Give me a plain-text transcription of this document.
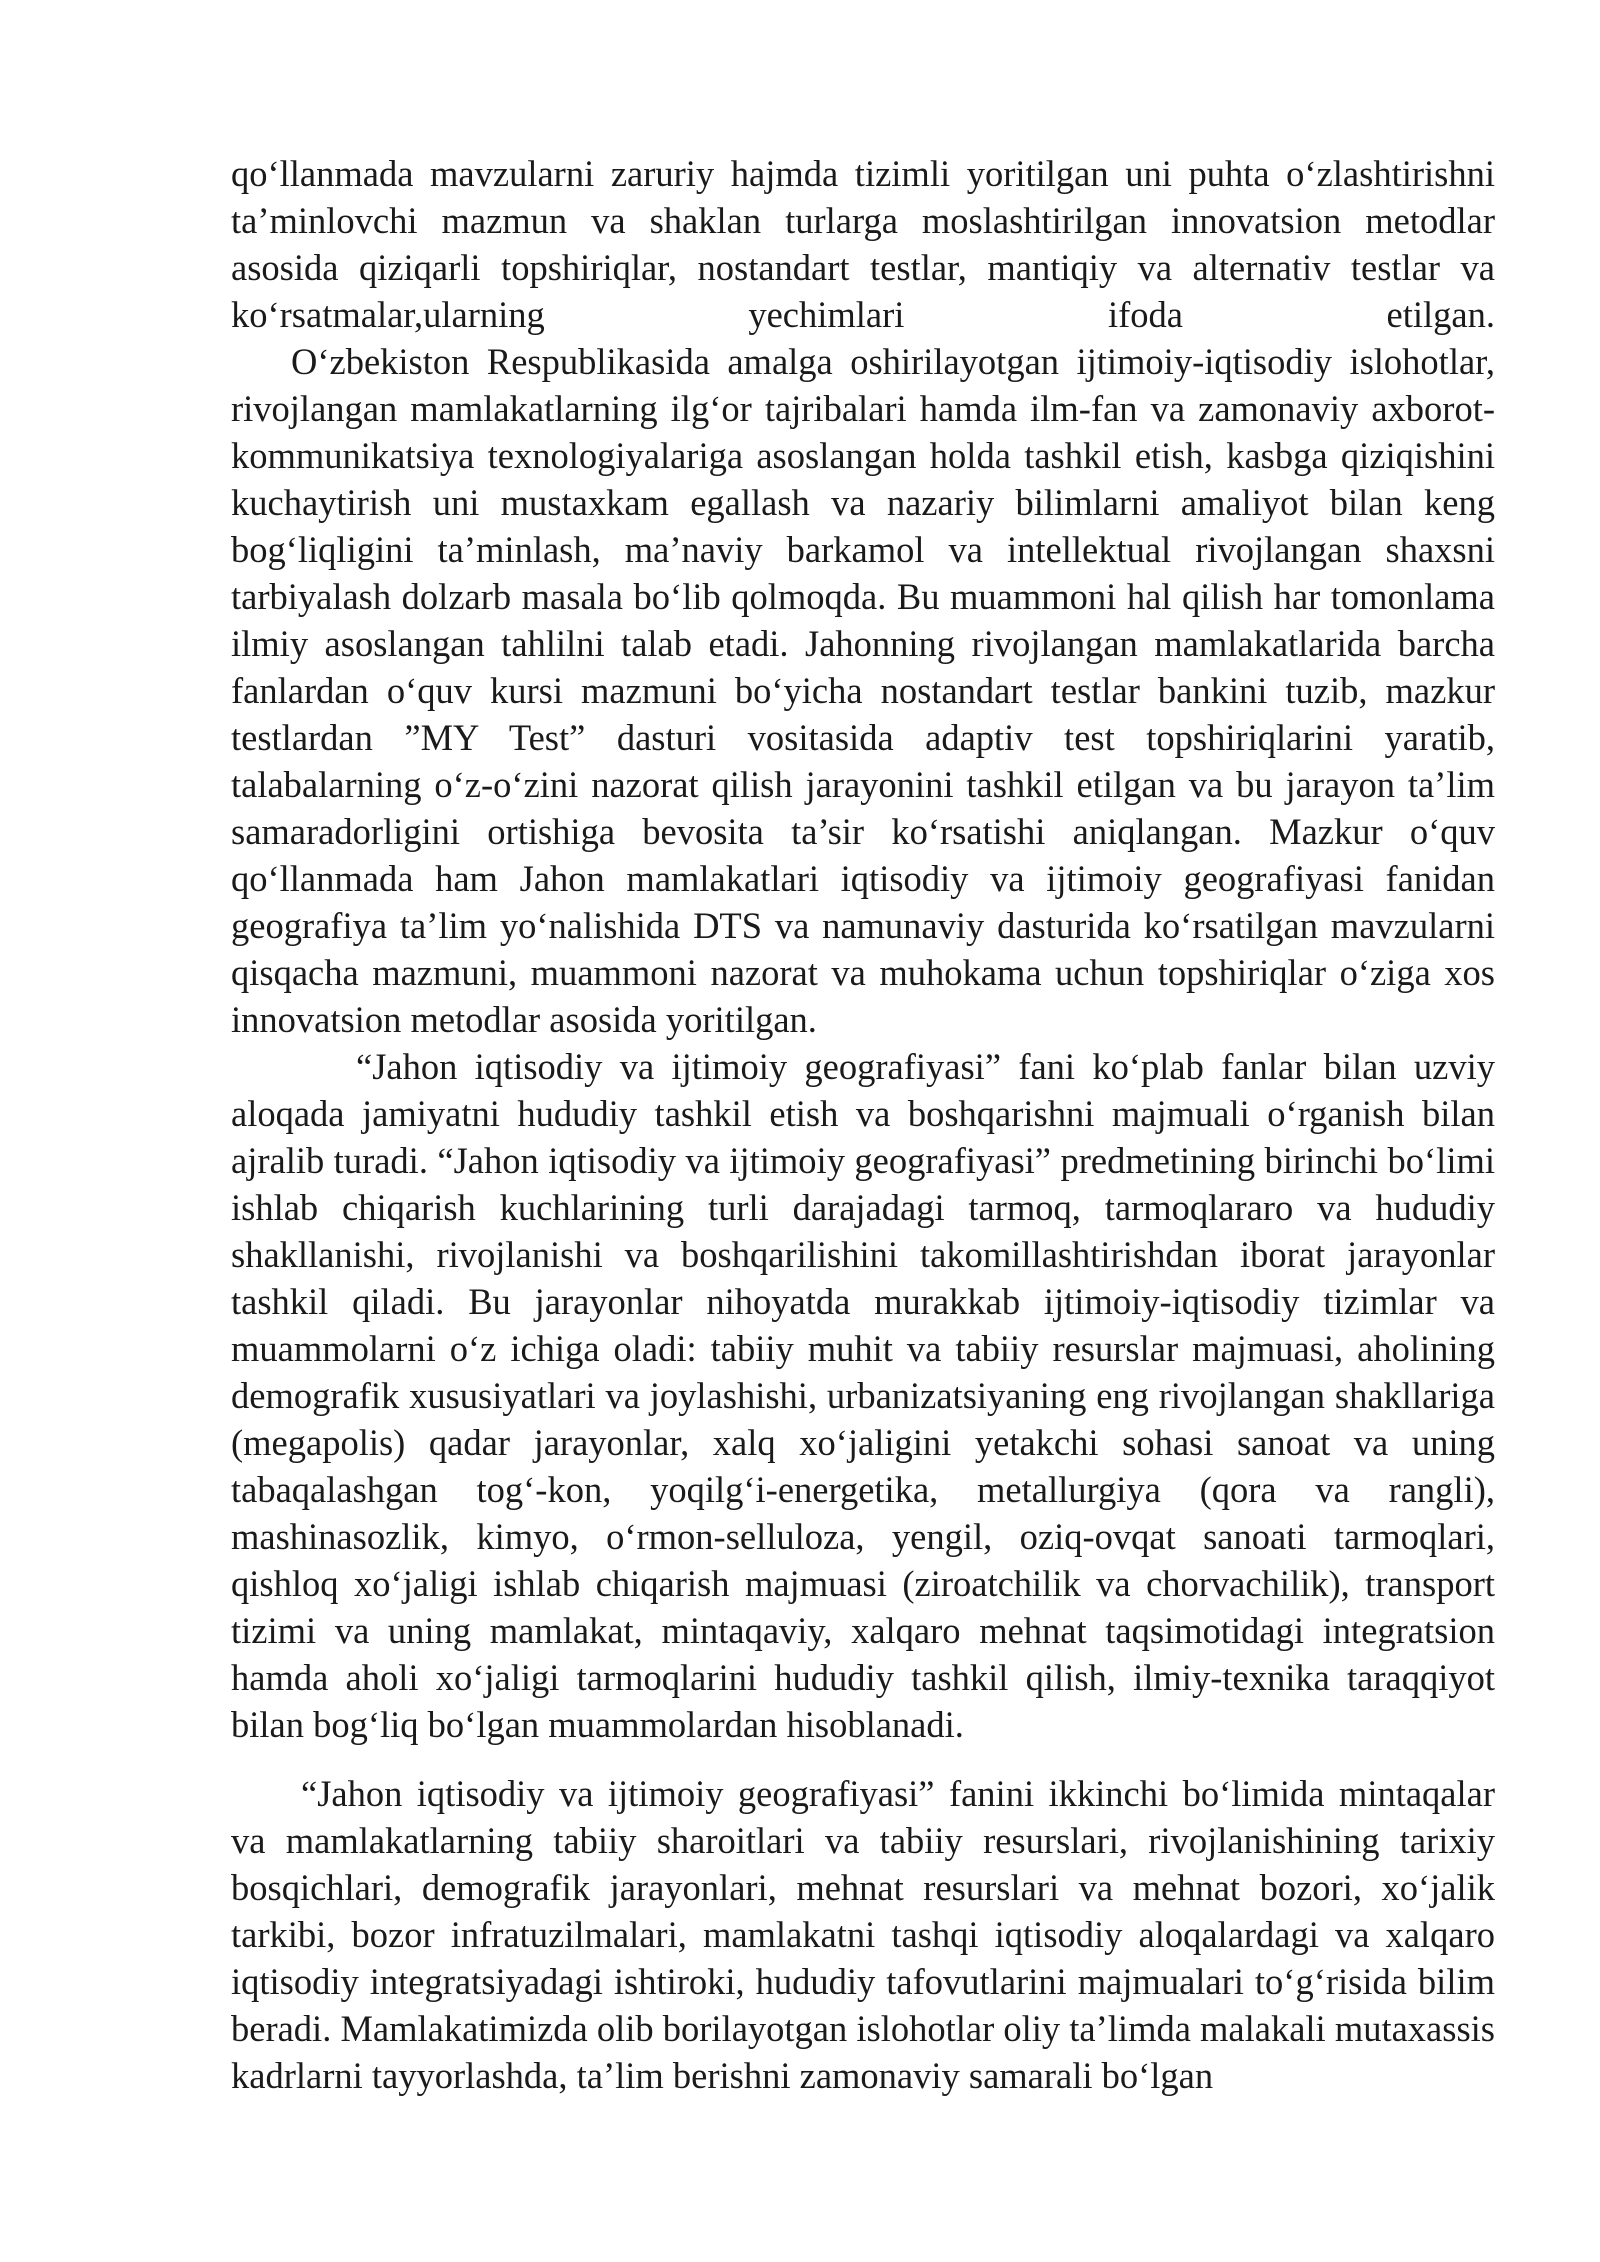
qo‘llanmada mavzularni zaruriy hajmda tizimli yoritilgan uni puhta o‘zlashtirishni ta’minlovchi mazmun va shaklan turlarga moslashtirilgan innovatsion metodlar asosida qiziqarli topshiriqlar, nostandart testlar, mantiqiy va alternativ testlar va ko‘rsatmalar,ularning yechimlari ifoda etilgan.

O‘zbekiston Respublikasida amalga oshirilayotgan ijtimoiy-iqtisodiy islohotlar, rivojlangan mamlakatlarning ilg‘or tajribalari hamda ilm-fan va zamonaviy axborot-kommunikatsiya texnologiyalariga asoslangan holda tashkil etish, kasbga qiziqishini kuchaytirish uni mustaxkam egallash va nazariy bilimlarni amaliyot bilan keng bog‘liqligini ta’minlash, ma’naviy barkamol va intellektual rivojlangan shaxsni tarbiyalash dolzarb masala bo‘lib qolmoqda. Bu muammoni hal qilish har tomonlama ilmiy asoslangan tahlilni talab etadi. Jahonning rivojlangan mamlakatlarida barcha fanlardan o‘quv kursi mazmuni bo‘yicha nostandart testlar bankini tuzib, mazkur testlardan ”MY Test” dasturi vositasida adaptiv test topshiriqlarini yaratib, talabalarning o‘z-o‘zini nazorat qilish jarayonini tashkil etilgan va bu jarayon ta’lim samaradorligini ortishiga bevosita ta’sir ko‘rsatishi aniqlangan. Mazkur o‘quv qo‘llanmada ham Jahon mamlakatlari iqtisodiy va ijtimoiy geografiyasi fanidan geografiya ta’lim yo‘nalishida DTS va namunaviy dasturida ko‘rsatilgan mavzularni qisqacha mazmuni, muammoni nazorat va muhokama uchun topshiriqlar o‘ziga xos innovatsion metodlar asosida yoritilgan.

“Jahon iqtisodiy va ijtimoiy geografiyasi” fani ko‘plab fanlar bilan uzviy aloqada jamiyatni hududiy tashkil etish va boshqarishni majmuali o‘rganish bilan ajralib turadi. “Jahon iqtisodiy va ijtimoiy geografiyasi” predmetining birinchi bo‘limi ishlab chiqarish kuchlarining turli darajadagi tarmoq, tarmoqlararo va hududiy shakllanishi, rivojlanishi va boshqarilishini takomillashtirishdan iborat jarayonlar tashkil qiladi. Bu jarayonlar nihoyatda murakkab ijtimoiy-iqtisodiy tizimlar va muammolarni o‘z ichiga oladi: tabiiy muhit va tabiiy resurslar majmuasi, aholining demografik xususiyatlari va joylashishi, urbanizatsiyaning eng rivojlangan shakllariga (megapolis) qadar jarayonlar, xalq xo‘jaligini yetakchi sohasi sanoat va uning tabaqalashgan tog‘-kon, yoqilg‘i-energetika, metallurgiya (qora va rangli), mashinasozlik, kimyo, o‘rmon-selluloza, yengil, oziq-ovqat sanoati tarmoqlari, qishloq xo‘jaligi ishlab chiqarish majmuasi (ziroatchilik va chorvachilik), transport tizimi va uning mamlakat, mintaqaviy, xalqaro mehnat taqsimotidagi integratsion hamda aholi xo‘jaligi tarmoqlarini hududiy tashkil qilish, ilmiy-texnika taraqqiyot bilan bog‘liq bo‘lgan muammolardan hisoblanadi.

“Jahon iqtisodiy va ijtimoiy geografiyasi” fanini ikkinchi bo‘limida mintaqalar va mamlakatlarning tabiiy sharoitlari va tabiiy resurslari, rivojlanishining tarixiy bosqichlari, demografik jarayonlari, mehnat resurslari va mehnat bozori, xo‘jalik tarkibi, bozor infratuzilmalari, mamlakatni tashqi iqtisodiy aloqalardagi va xalqaro iqtisodiy integratsiyadagi ishtiroki, hududiy tafovutlarini majmualari to‘g‘risida bilim beradi. Mamlakatimizda olib borilayotgan islohotlar oliy ta’limda malakali mutaxassis kadrlarni tayyorlashda, ta’lim berishni zamonaviy samarali bo‘lgan
